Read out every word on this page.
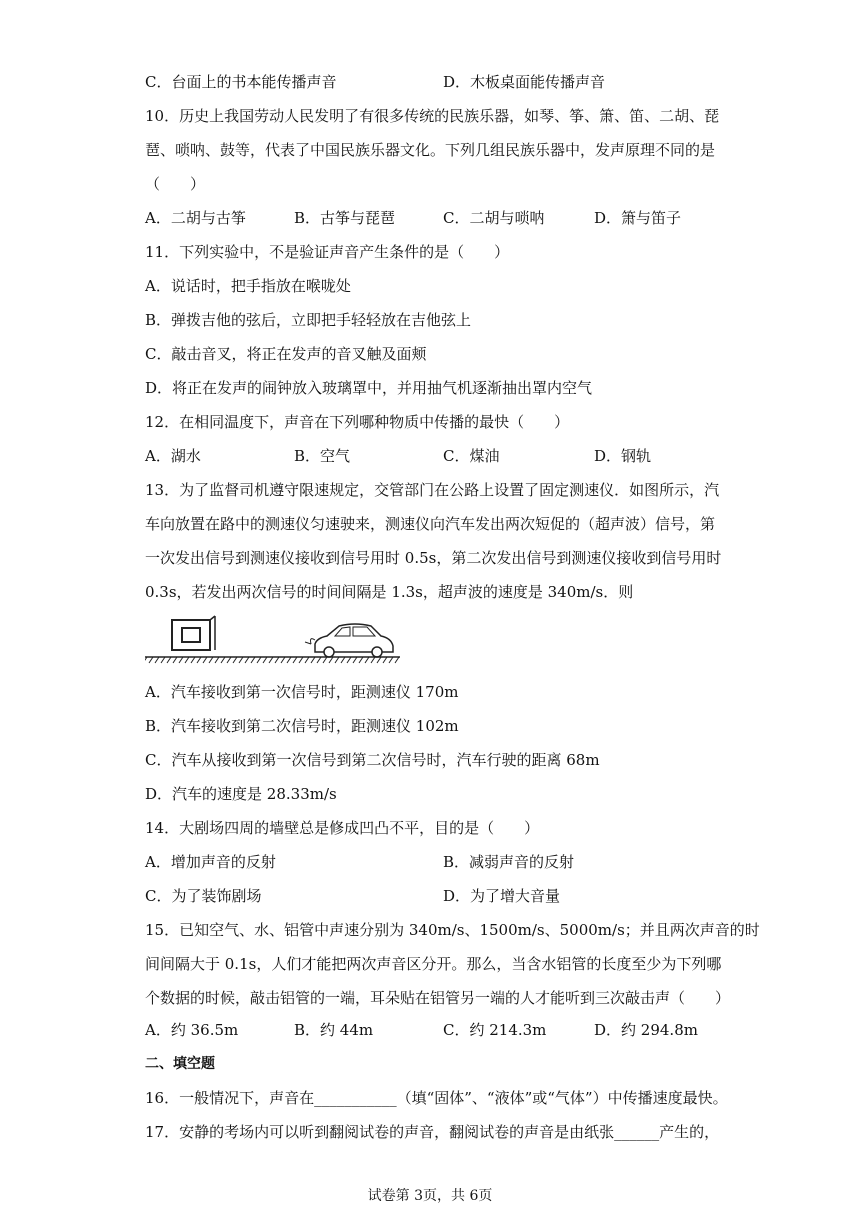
C．台面上的书本能传播声音	D．木板桌面能传播声音
10．历史上我国劳动人民发明了有很多传统的民族乐器，如琴、筝、箫、笛、二胡、琵
琶、唢呐、鼓等，代表了中国民族乐器文化。下列几组民族乐器中，发声原理不同的是
（　　）
A．二胡与古筝	B．古筝与琵琶	C．二胡与唢呐	D．箫与笛子
11．下列实验中，不是验证声音产生条件的是（　　）
A．说话时，把手指放在喉咙处
B．弹拨吉他的弦后，立即把手轻轻放在吉他弦上
C．敲击音叉，将正在发声的音叉触及面颊
D．将正在发声的闹钟放入玻璃罩中，并用抽气机逐渐抽出罩内空气
12．在相同温度下，声音在下列哪种物质中传播的最快（　　）
A．湖水	B．空气	C．煤油	D．钢轨
13．为了监督司机遵守限速规定，交管部门在公路上设置了固定测速仪．如图所示，汽
车向放置在路中的测速仪匀速驶来，测速仪向汽车发出两次短促的（超声波）信号，第
一次发出信号到测速仪接收到信号用时 0.5s，第二次发出信号到测速仪接收到信号用时
0.3s，若发出两次信号的时间间隔是 1.3s，超声波的速度是 340m/s．则
A．汽车接收到第一次信号时，距测速仪 170m
B．汽车接收到第二次信号时，距测速仪 102m
C．汽车从接收到第一次信号到第二次信号时，汽车行驶的距离 68m
D．汽车的速度是 28.33m/s
14．大剧场四周的墙壁总是修成凹凸不平，目的是（　　）
A．增加声音的反射	B．减弱声音的反射
C．为了装饰剧场	D．为了增大音量
15．已知空气、水、铝管中声速分别为 340m/s、1500m/s、5000m/s；并且两次声音的时
间间隔大于 0.1s，人们才能把两次声音区分开。那么，当含水铝管的长度至少为下列哪
个数据的时候，敲击铝管的一端，耳朵贴在铝管另一端的人才能听到三次敲击声（　　）
A．约 36.5m	B．约 44m	C．约 214.3m	D．约 294.8m
二、填空题
16．一般情况下，声音在___________（填“固体”、“液体”或“气体”）中传播速度最快。
17．安静的考场内可以听到翻阅试卷的声音，翻阅试卷的声音是由纸张______产生的，
试卷第 3页，共 6页
